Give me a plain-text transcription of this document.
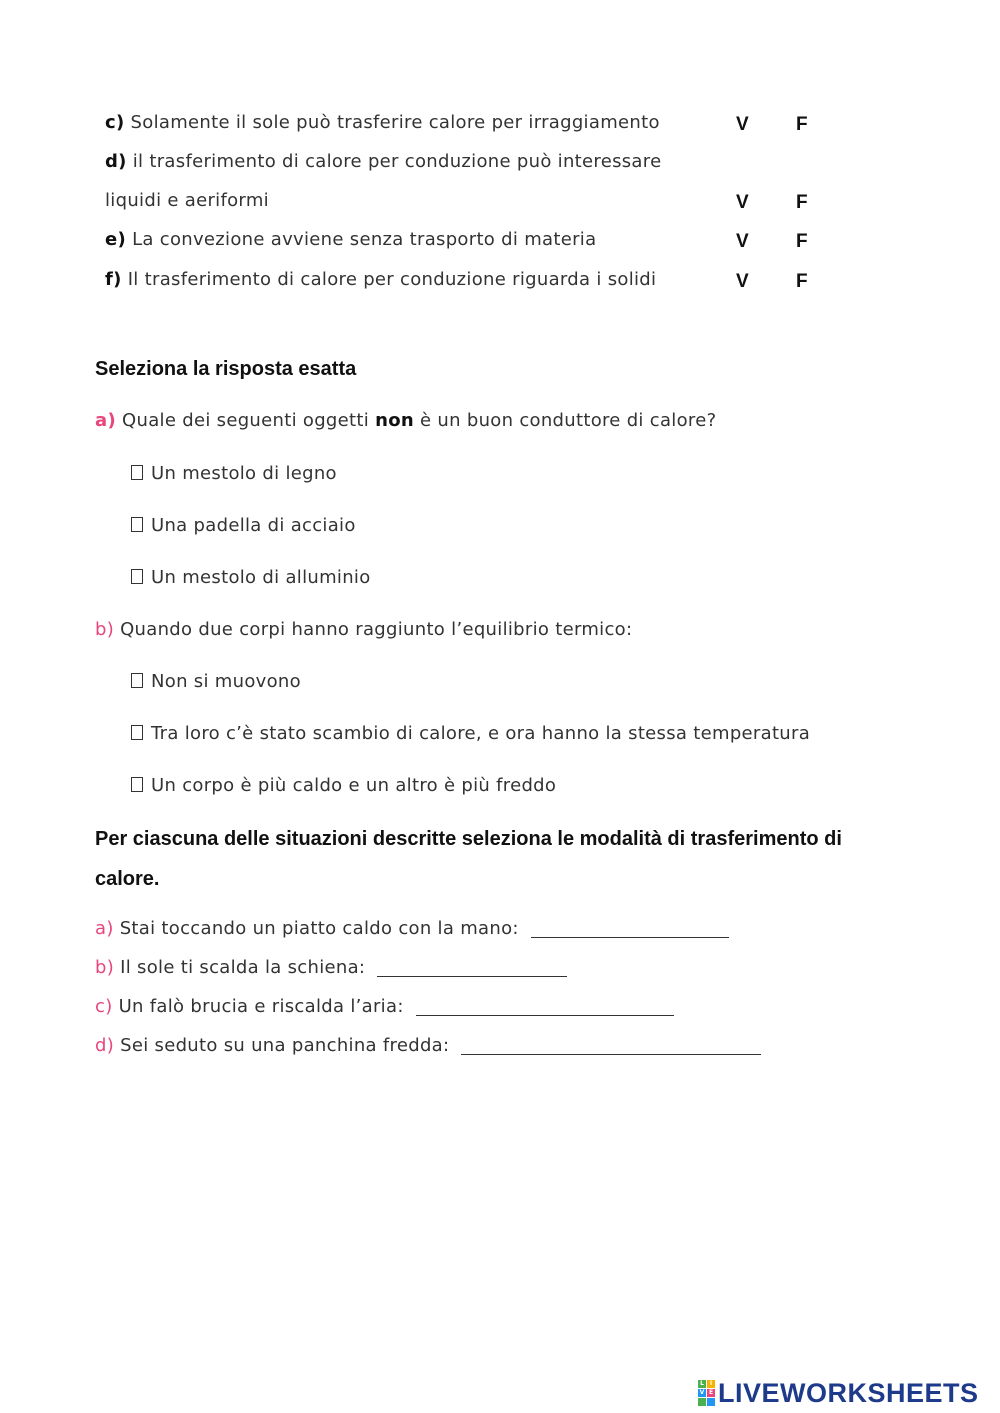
c) Solamente il sole può trasferire calore per irraggiamento	V F
d) il trasferimento di calore per conduzione può interessare
liquidi e aeriformi	V F
e) La convezione avviene senza trasporto di materia	V F
f) Il trasferimento di calore per conduzione riguarda i solidi	V F
Seleziona la risposta esatta
a) Quale dei seguenti oggetti non è un buon conduttore di calore?
Un mestolo di legno
Una padella di acciaio
Un mestolo di alluminio
b) Quando due corpi hanno raggiunto l’equilibrio termico:
Non si muovono
Tra loro c’è stato scambio di calore, e ora hanno la stessa temperatura
Un corpo è più caldo e un altro è più freddo
Per ciascuna delle situazioni descritte seleziona le modalità di trasferimento di
calore.
a) Stai toccando un piatto caldo con la mano:
b) Il sole ti scalda la schiena:
c) Un falò brucia e riscalda l’aria:
d) Sei seduto su una panchina fredda:
L I
V E LIVEWORKSHEETS
